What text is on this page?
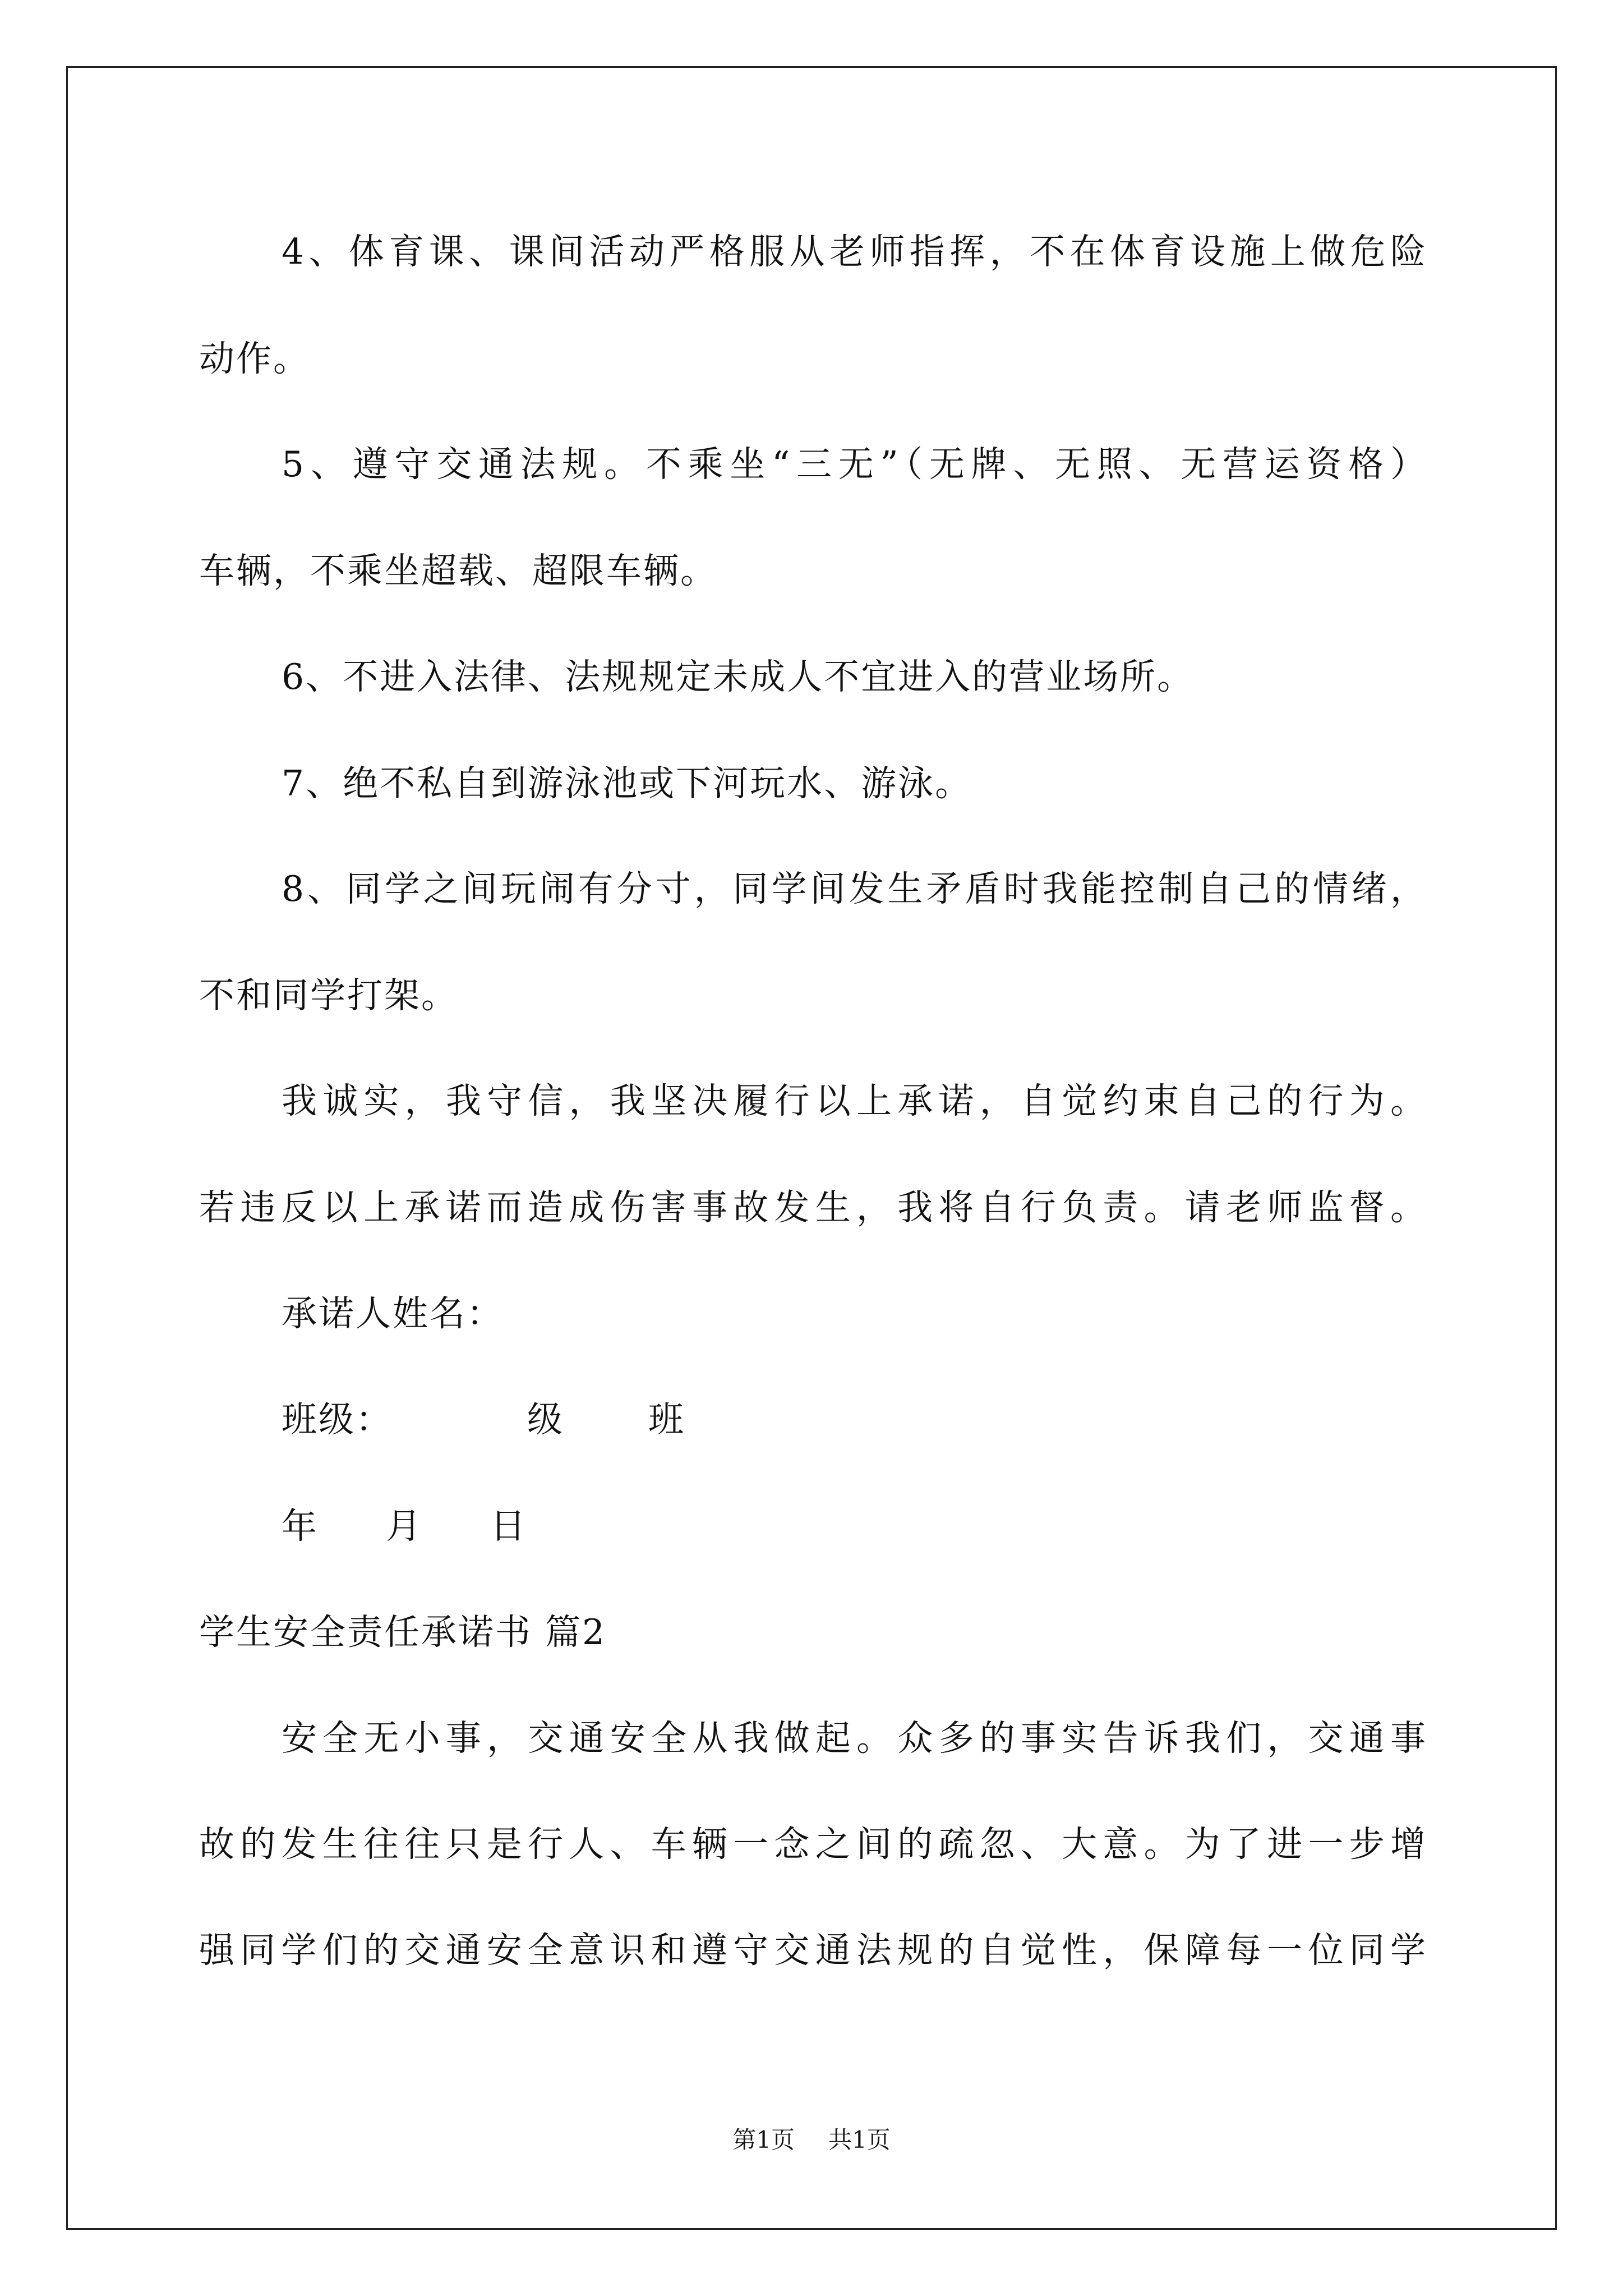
4、体育课、课间活动严格服从老师指挥，不在体育设施上做危险
动作。
5、遵守交通法规。不乘坐“三无”（无牌、无照、无营运资格）
车辆，不乘坐超载、超限车辆。
6、不进入法律、法规规定未成人不宜进入的营业场所。
7、绝不私自到游泳池或下河玩水、游泳。
8、同学之间玩闹有分寸，同学间发生矛盾时我能控制自己的情绪，
不和同学打架。
我诚实，我守信，我坚决履行以上承诺，自觉约束自己的行为。
若违反以上承诺而造成伤害事故发生，我将自行负责。请老师监督。
承诺人姓名：
班级：	级 班
年 月 日
学生安全责任承诺书 篇2
安全无小事，交通安全从我做起。众多的事实告诉我们，交通事
故的发生往往只是行人、车辆一念之间的疏忽、大意。为了进一步增
强同学们的交通安全意识和遵守交通法规的自觉性，保障每一位同学
第1页 共1页
